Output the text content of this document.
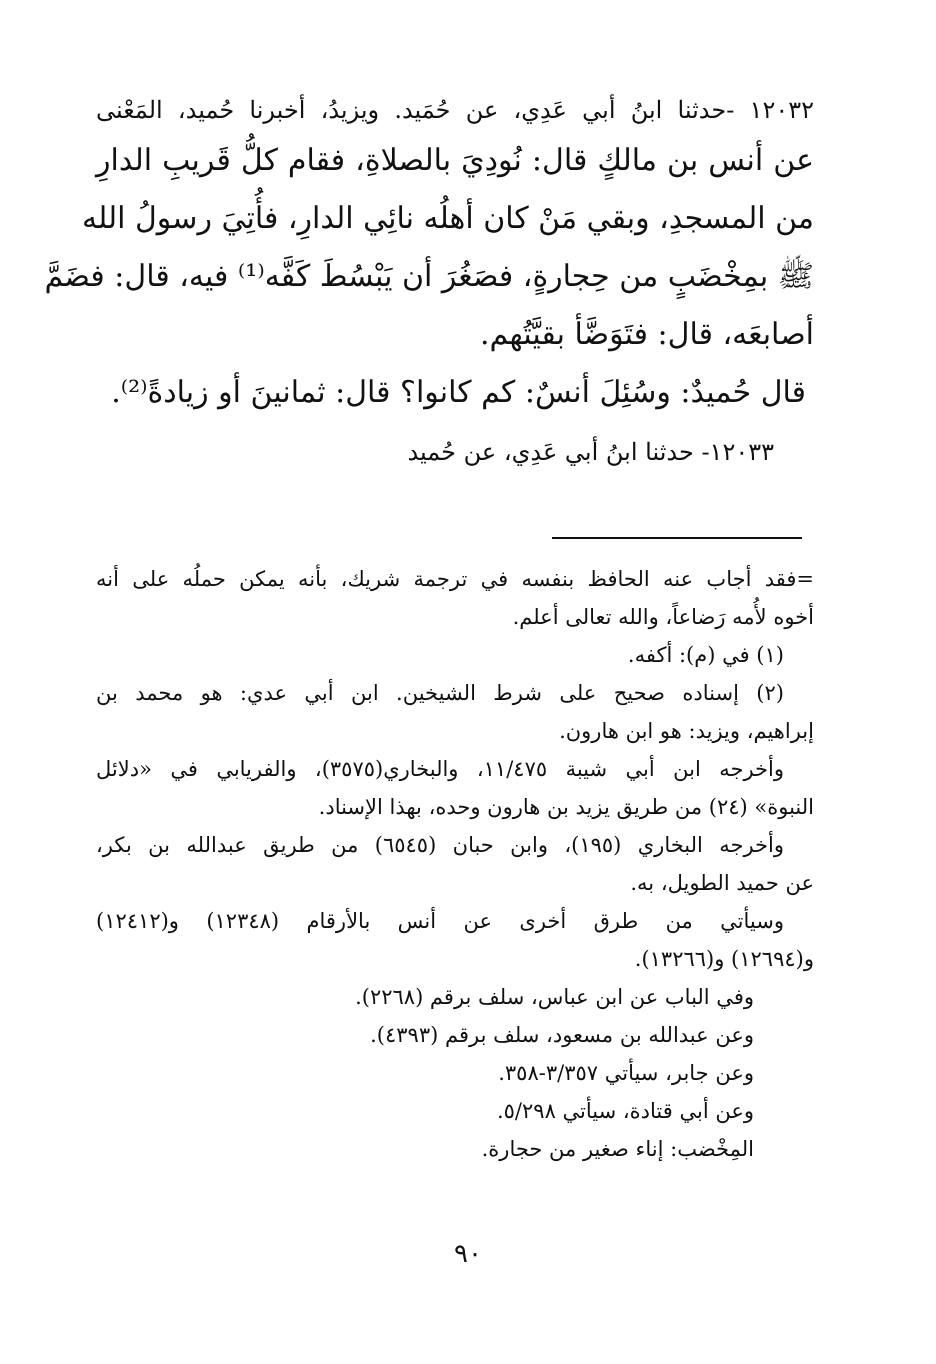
١٢٠٣٢ -حدثنا ابنُ أبي عَدِي، عن حُمَيد. ويزيدُ، أخبرنا حُميد، المَعْنى
عن أنس بن مالكٍ قال: نُودِيَ بالصلاةِ، فقام كلُّ قَريبِ الدارِ
من المسجدِ، وبقي مَنْ كان أهلُه نائِي الدارِ، فأُتِيَ رسولُ الله
ﷺ بمِخْضَبٍ من حِجارةٍ، فصَغُرَ أن يَبْسُطَ كَفَّه⁽¹⁾ فيه، قال: فضَمَّ
أصابعَه، قال: فتَوَضَّأ بقيَّتُهم.
قال حُميدٌ: وسُئِلَ أنسٌ: كم كانوا؟ قال: ثمانينَ أو زيادةً⁽²⁾.
١٢٠٣٣- حدثنا ابنُ أبي عَدِي، عن حُميد
=فقد أجاب عنه الحافظ بنفسه في ترجمة شريك، بأنه يمكن حملُه على أنه
أخوه لأُمه رَضاعاً، والله تعالى أعلم.
(١) في (م): أكفه.
(٢) إسناده صحيح على شرط الشيخين. ابن أبي عدي: هو محمد بن
إبراهيم، ويزيد: هو ابن هارون.
وأخرجه ابن أبي شيبة ١١/٤٧٥، والبخاري(٣٥٧٥)، والفريابي في «دلائل
النبوة» (٢٤) من طريق يزيد بن هارون وحده، بهذا الإسناد.
وأخرجه البخاري (١٩٥)، وابن حبان (٦٥٤٥) من طريق عبدالله بن بكر،
عن حميد الطويل، به.
وسيأتي من طرق أخرى عن أنس بالأرقام (١٢٣٤٨) و(١٢٤١٢)
و(١٢٦٩٤) و(١٣٢٦٦).
وفي الباب عن ابن عباس، سلف برقم (٢٢٦٨).
وعن عبدالله بن مسعود، سلف برقم (٤٣٩٣).
وعن جابر، سيأتي ٣/٣٥٧-٣٥٨.
وعن أبي قتادة، سيأتي ٥/٢٩٨.
المِخْضب: إناء صغير من حجارة.
٩٠
